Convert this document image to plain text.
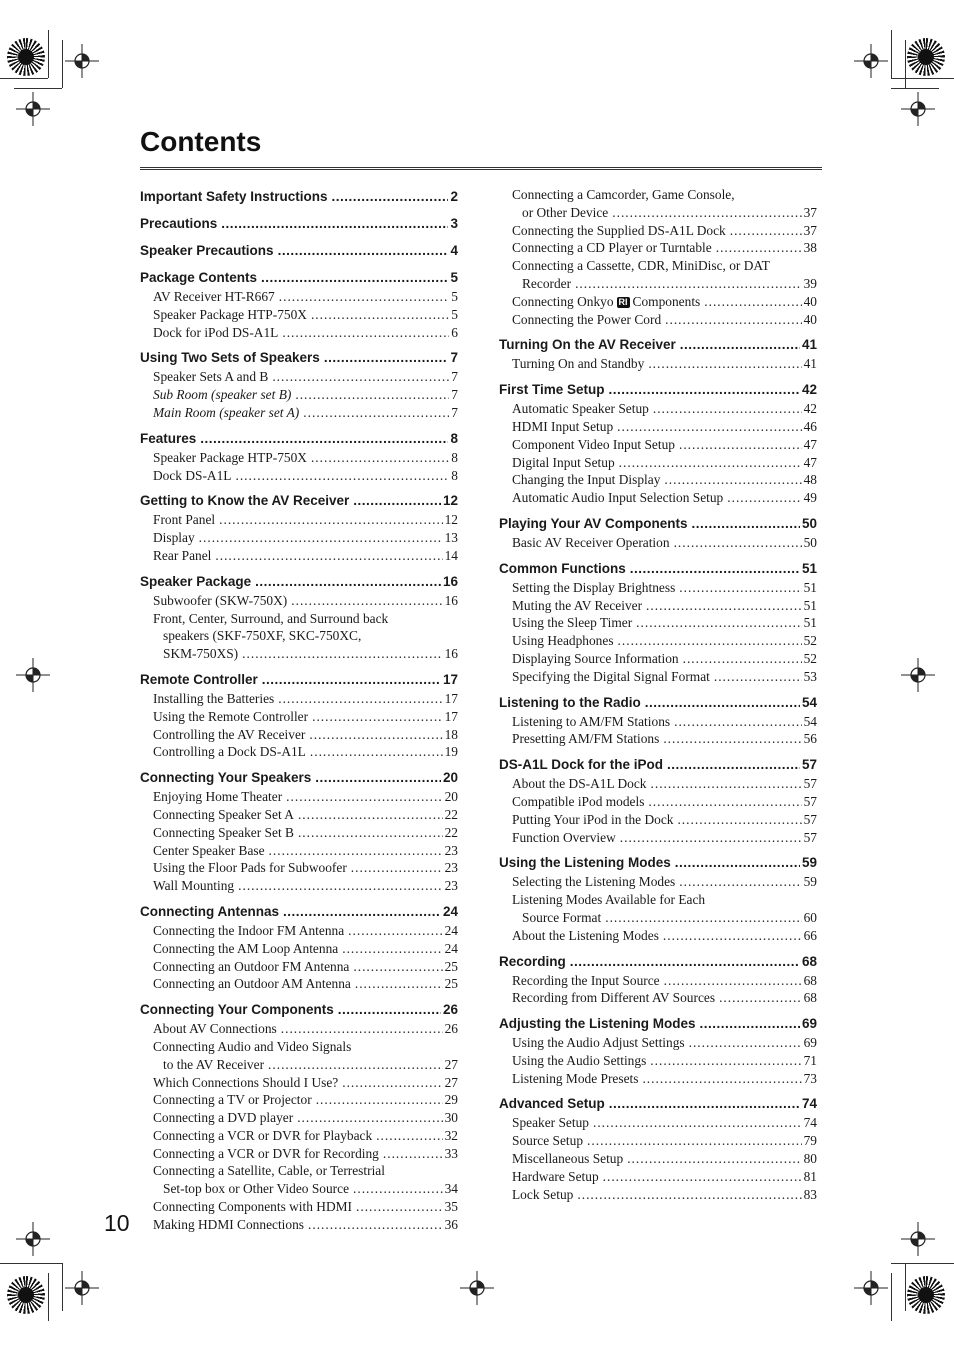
Contents
Important Safety Instructions .....	2
Precautions .....	3
Speaker Precautions .....	4
Package Contents .....	5
AV Receiver HT-R667 .....	5
Speaker Package HTP-750X .....	5
Dock for iPod DS-A1L .....	6
Using Two Sets of Speakers .....	7
Speaker Sets A and B .....	7
Sub Room (speaker set B) .....	7
Main Room (speaker set A) .....	7
Features .....	8
Speaker Package HTP-750X .....	8
Dock DS-A1L .....	8
Getting to Know the AV Receiver .....	12
Front Panel .....	12
Display .....	13
Rear Panel .....	14
Speaker Package .....	16
Subwoofer (SKW-750X) .....	16
Front, Center, Surround, and Surround back
speakers (SKF-750XF, SKC-750XC,
SKM-750XS) .....	16
Remote Controller .....	17
Installing the Batteries .....	17
Using the Remote Controller .....	17
Controlling the AV Receiver .....	18
Controlling a Dock DS-A1L .....	19
Connecting Your Speakers .....	20
Enjoying Home Theater .....	20
Connecting Speaker Set A .....	22
Connecting Speaker Set B .....	22
Center Speaker Base .....	23
Using the Floor Pads for Subwoofer .....	23
Wall Mounting .....	23
Connecting Antennas .....	24
Connecting the Indoor FM Antenna .....	24
Connecting the AM Loop Antenna .....	24
Connecting an Outdoor FM Antenna .....	25
Connecting an Outdoor AM Antenna .....	25
Connecting Your Components .....	26
About AV Connections .....	26
Connecting Audio and Video Signals
to the AV Receiver .....	27
Which Connections Should I Use? .....	27
Connecting a TV or Projector .....	29
Connecting a DVD player .....	30
Connecting a VCR or DVR for Playback .....	32
Connecting a VCR or DVR for Recording .....	33
Connecting a Satellite, Cable, or Terrestrial
Set-top box or Other Video Source .....	34
Connecting Components with HDMI .....	35
Making HDMI Connections .....	36
Connecting a Camcorder, Game Console,
or Other Device .....	37
Connecting the Supplied DS-A1L Dock .....	37
Connecting a CD Player or Turntable .....	38
Connecting a Cassette, CDR, MiniDisc, or DAT
Recorder .....	39
Connecting Onkyo RI Components .....	40
Connecting the Power Cord .....	40
Turning On the AV Receiver .....	41
Turning On and Standby .....	41
First Time Setup .....	42
Automatic Speaker Setup .....	42
HDMI Input Setup .....	46
Component Video Input Setup .....	47
Digital Input Setup .....	47
Changing the Input Display .....	48
Automatic Audio Input Selection Setup .....	49
Playing Your AV Components .....	50
Basic AV Receiver Operation .....	50
Common Functions .....	51
Setting the Display Brightness .....	51
Muting the AV Receiver .....	51
Using the Sleep Timer .....	51
Using Headphones .....	52
Displaying Source Information .....	52
Specifying the Digital Signal Format .....	53
Listening to the Radio .....	54
Listening to AM/FM Stations .....	54
Presetting AM/FM Stations .....	56
DS-A1L Dock for the iPod .....	57
About the DS-A1L Dock .....	57
Compatible iPod models .....	57
Putting Your iPod in the Dock .....	57
Function Overview .....	57
Using the Listening Modes .....	59
Selecting the Listening Modes .....	59
Listening Modes Available for Each
Source Format .....	60
About the Listening Modes .....	66
Recording .....	68
Recording the Input Source .....	68
Recording from Different AV Sources .....	68
Adjusting the Listening Modes .....	69
Using the Audio Adjust Settings .....	69
Using the Audio Settings .....	71
Listening Mode Presets .....	73
Advanced Setup .....	74
Speaker Setup .....	74
Source Setup .....	79
Miscellaneous Setup .....	80
Hardware Setup .....	81
Lock Setup .....	83
10
